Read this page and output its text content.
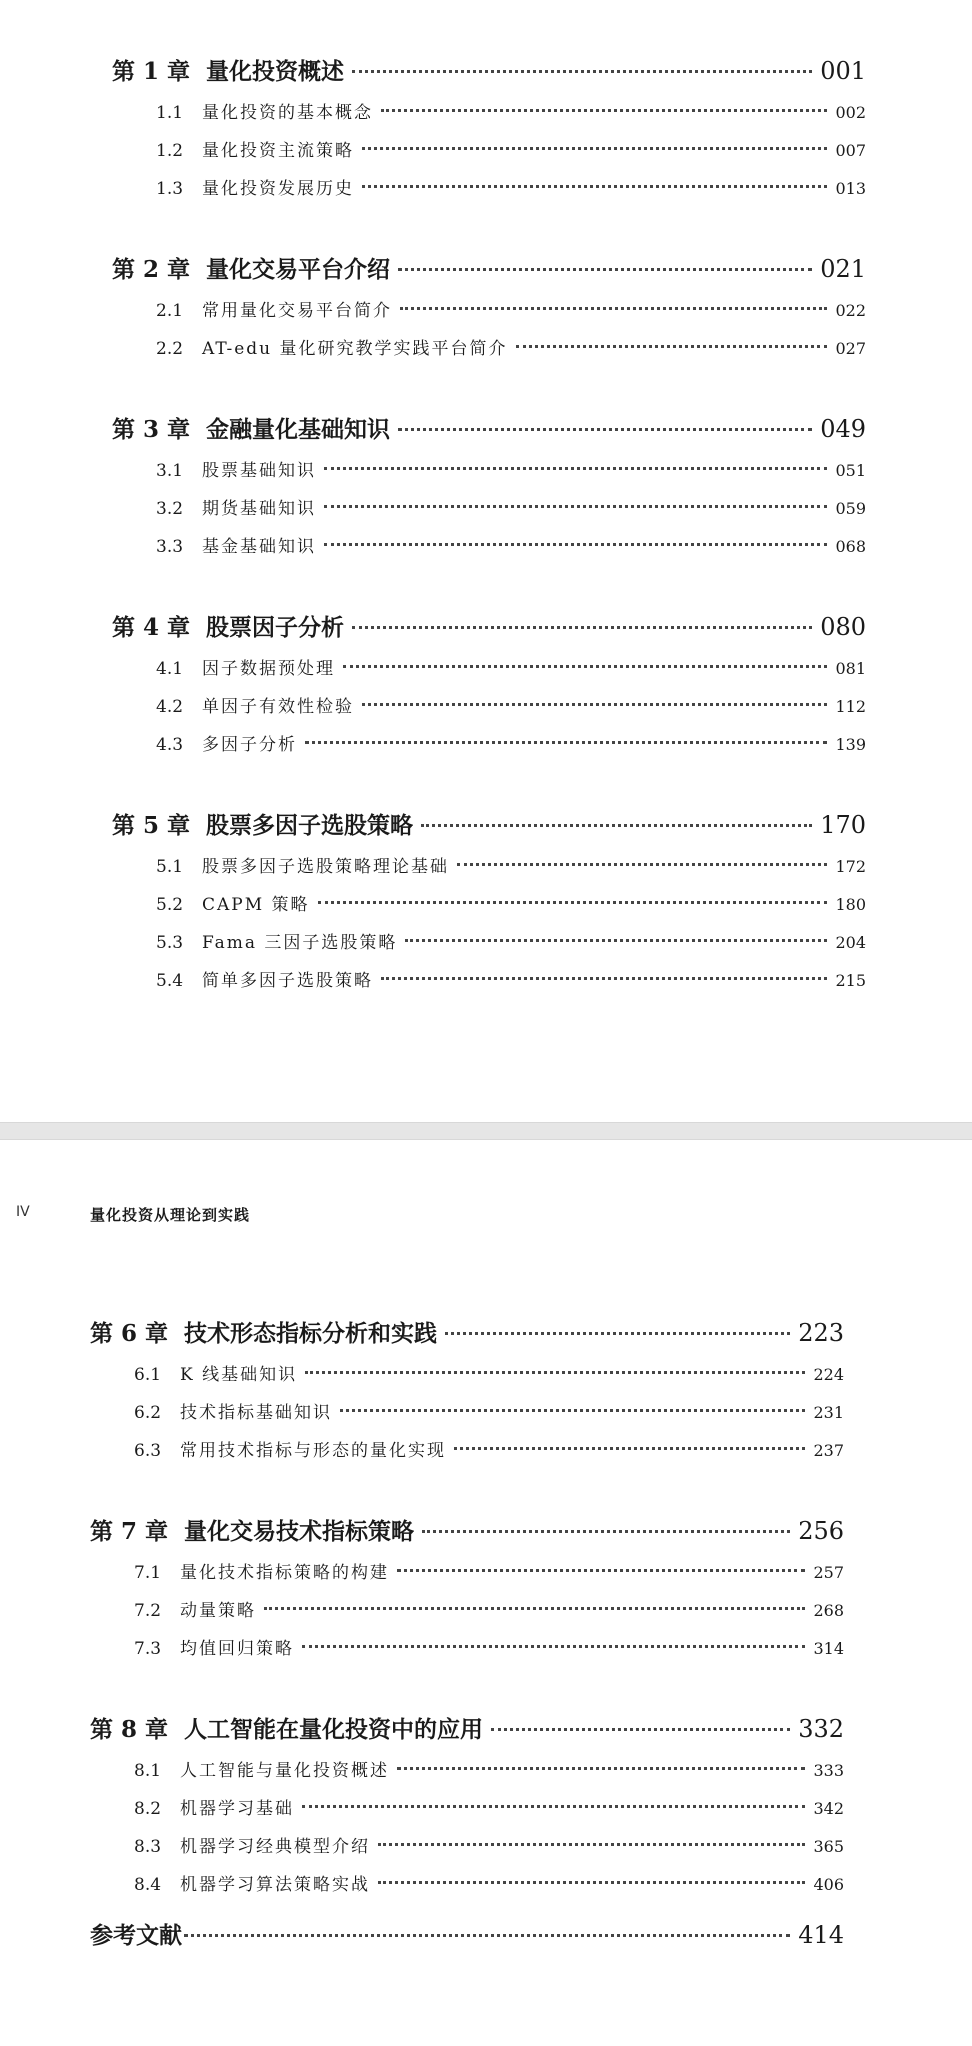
第 1 章 量化投资概述	001
1.1	量化投资的基本概念	002
1.2	量化投资主流策略	007
1.3	量化投资发展历史	013
第 2 章 量化交易平台介绍	021
2.1	常用量化交易平台简介	022
2.2	AT-edu 量化研究教学实践平台简介	027
第 3 章 金融量化基础知识	049
3.1	股票基础知识	051
3.2	期货基础知识	059
3.3	基金基础知识	068
第 4 章 股票因子分析	080
4.1	因子数据预处理	081
4.2	单因子有效性检验	112
4.3	多因子分析	139
第 5 章 股票多因子选股策略	170
5.1	股票多因子选股策略理论基础	172
5.2	CAPM 策略	180
5.3	Fama 三因子选股策略	204
5.4	简单多因子选股策略	215
IV	量化投资从理论到实践
第 6 章 技术形态指标分析和实践	223
6.1	K 线基础知识	224
6.2	技术指标基础知识	231
6.3	常用技术指标与形态的量化实现	237
第 7 章 量化交易技术指标策略	256
7.1	量化技术指标策略的构建	257
7.2	动量策略	268
7.3	均值回归策略	314
第 8 章 人工智能在量化投资中的应用	332
8.1	人工智能与量化投资概述	333
8.2	机器学习基础	342
8.3	机器学习经典模型介绍	365
8.4	机器学习算法策略实战	406
参考文献	414
